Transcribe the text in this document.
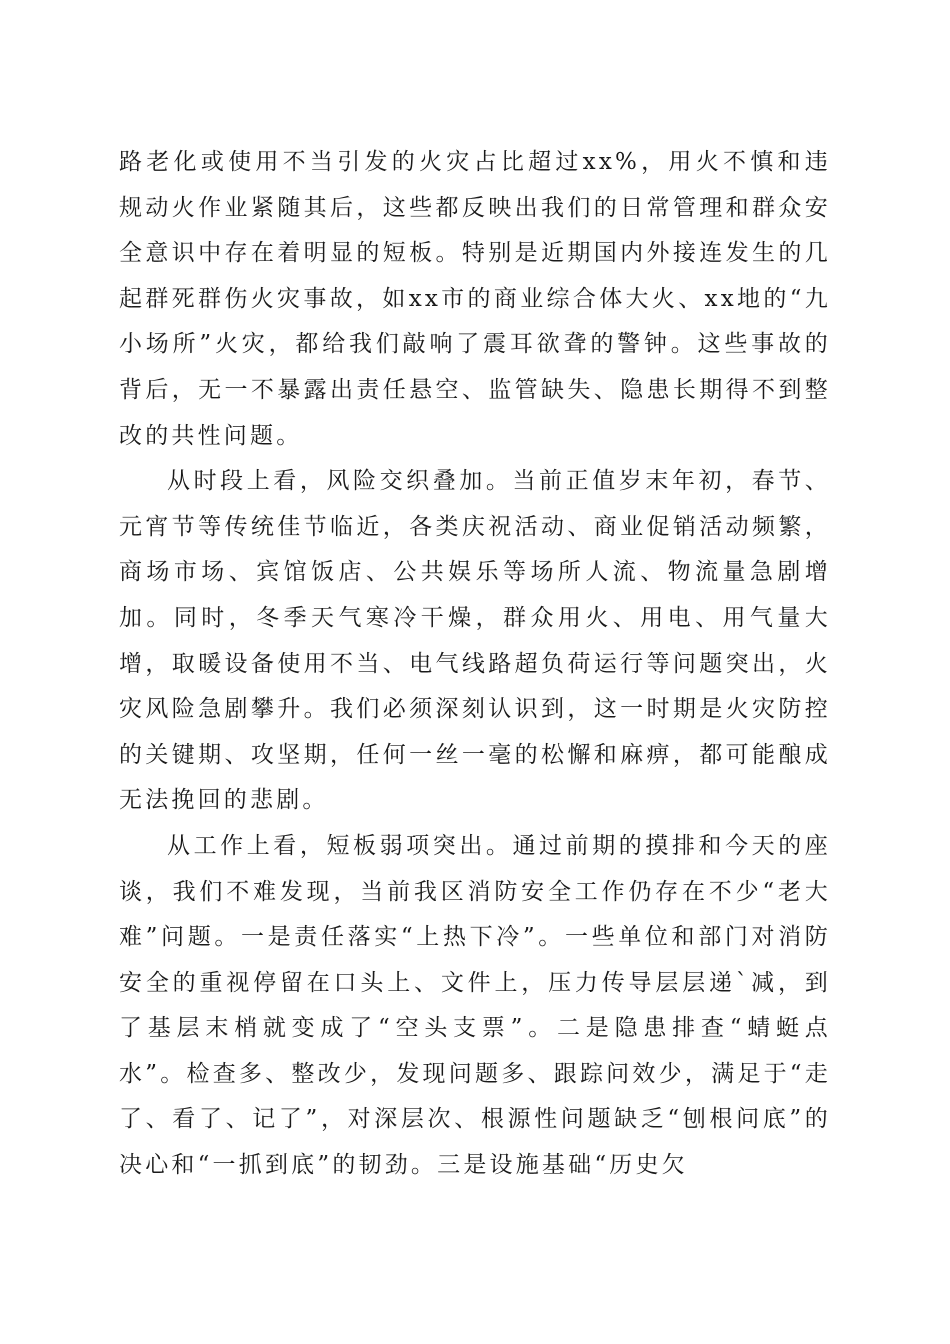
路老化或使用不当引发的火灾占比超过xx%，用火不慎和违规动火作业紧随其后，这些都反映出我们的日常管理和群众安全意识中存在着明显的短板。特别是近期国内外接连发生的几起群死群伤火灾事故，如xx市的商业综合体大火、xx地的“九小场所”火灾，都给我们敲响了震耳欲聋的警钟。这些事故的背后，无一不暴露出责任悬空、监管缺失、隐患长期得不到整改的共性问题。

从时段上看，风险交织叠加。当前正值岁末年初，春节、元宵节等传统佳节临近，各类庆祝活动、商业促销活动频繁，商场市场、宾馆饭店、公共娱乐等场所人流、物流量急剧增加。同时，冬季天气寒冷干燥，群众用火、用电、用气量大增，取暖设备使用不当、电气线路超负荷运行等问题突出，火灾风险急剧攀升。我们必须深刻认识到，这一时期是火灾防控的关键期、攻坚期，任何一丝一毫的松懈和麻痹，都可能酿成无法挽回的悲剧。

从工作上看，短板弱项突出。通过前期的摸排和今天的座谈，我们不难发现，当前我区消防安全工作仍存在不少“老大难”问题。一是责任落实“上热下冷”。一些单位和部门对消防安全的重视停留在口头上、文件上，压力传导层层递`减，到了基层末梢就变成了“空头支票”。二是隐患排查“蜻蜓点水”。检查多、整改少，发现问题多、跟踪问效少，满足于“走了、看了、记了”，对深层次、根源性问题缺乏“刨根问底”的决心和“一抓到底”的韧劲。三是设施基础“历史欠
